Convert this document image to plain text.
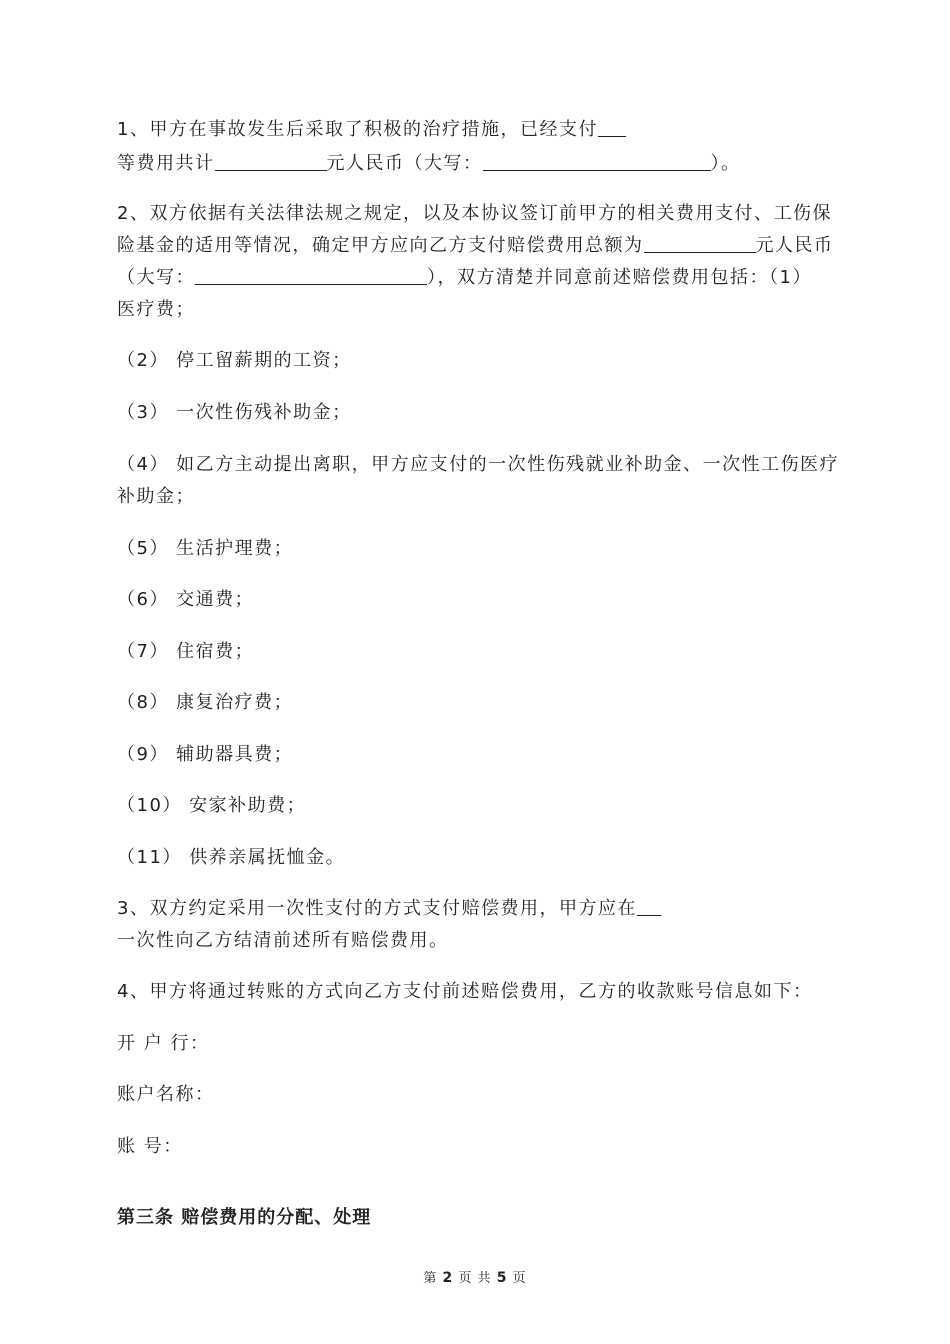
1、甲方在事故发生后采取了积极的治疗措施，已经支付
等费用共计	元人民币（大写：	）。
2、双方依据有关法律法规之规定，以及本协议签订前甲方的相关费用支付、工伤保
险基金的适用等情况，确定甲方应向乙方支付赔偿费用总额为	元人民币
（大写：	），双方清楚并同意前述赔偿费用包括：（1）
医疗费；
（2） 停工留薪期的工资；
（3） 一次性伤残补助金；
（4） 如乙方主动提出离职，甲方应支付的一次性伤残就业补助金、一次性工伤医疗
补助金；
（5） 生活护理费；
（6） 交通费；
（7） 住宿费；
（8） 康复治疗费；
（9） 辅助器具费；
（10） 安家补助费；
（11） 供养亲属抚恤金。
3、双方约定采用一次性支付的方式支付赔偿费用，甲方应在
一次性向乙方结清前述所有赔偿费用。
4、甲方将通过转账的方式向乙方支付前述赔偿费用，乙方的收款账号信息如下：
开 户 行：
账户名称：
账 号：
第三条 赔偿费用的分配、处理
第 2 页 共 5 页
